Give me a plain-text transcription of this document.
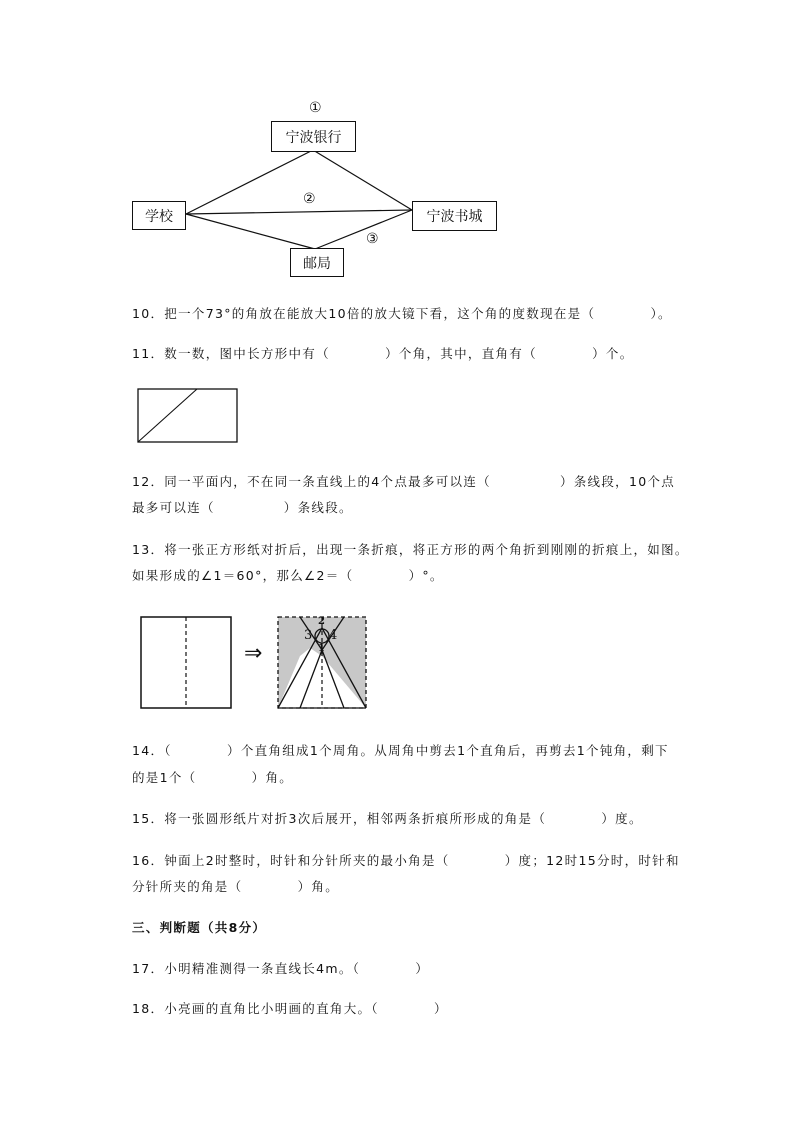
①
宁波银行
②
学校	宁波书城
③
邮局
10．把一个73°的角放在能放大10倍的放大镜下看，这个角的度数现在是（　　　　）。
11．数一数，图中长方形中有（　　　　）个角，其中，直角有（　　　　）个。
12．同一平面内，不在同一条直线上的4个点最多可以连（　　　　　）条线段，10个点
最多可以连（　　　　　）条线段。
13．将一张正方形纸对折后，出现一条折痕，将正方形的两个角折到刚刚的折痕上，如图。
如果形成的∠1＝60°，那么∠2＝（　　　　）°。
⇒
2
3 4
1
14．（　　　　）个直角组成1个周角。从周角中剪去1个直角后，再剪去1个钝角，剩下
的是1个（　　　　）角。
15．将一张圆形纸片对折3次后展开，相邻两条折痕所形成的角是（　　　　）度。
16．钟面上2时整时，时针和分针所夹的最小角是（　　　　）度；12时15分时，时针和
分针所夹的角是（　　　　）角。
三、判断题（共8分）
17．小明精准测得一条直线长4m。（　　　　）
18．小亮画的直角比小明画的直角大。（　　　　）
